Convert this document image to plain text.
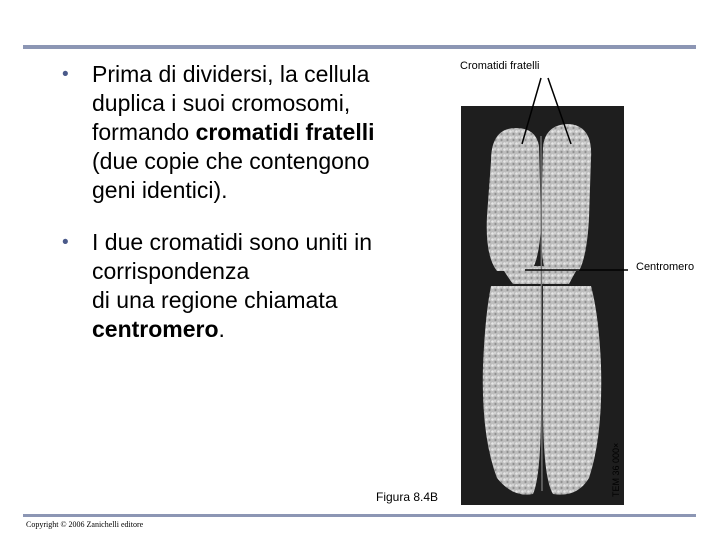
• Prima di dividersi, la cellula
duplica i suoi cromosomi,
formando cromatidi fratelli
(due copie che contengono
geni identici).
• I due cromatidi sono uniti in
corrispondenza
di una regione chiamata
centromero.
Cromatidi fratelli
Centromero
TEM 36 000×
Figura 8.4B
Copyright © 2006 Zanichelli editore
